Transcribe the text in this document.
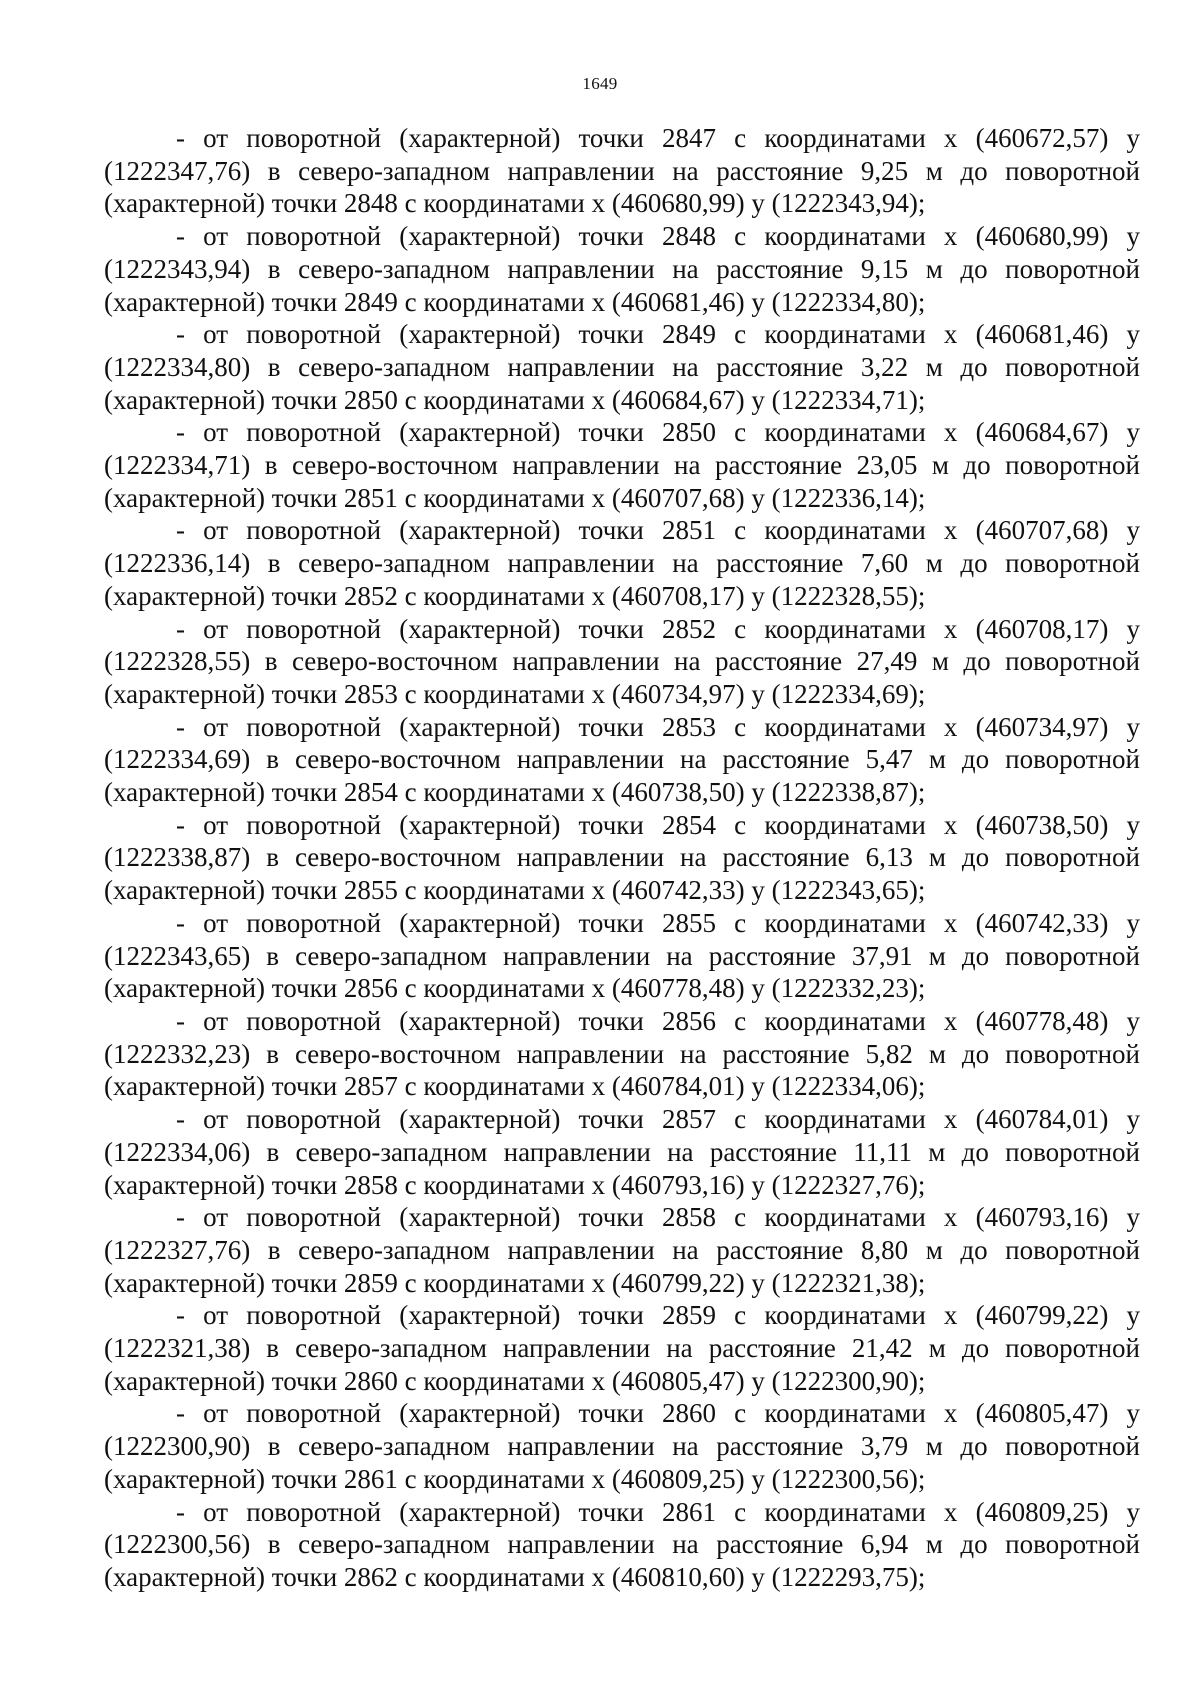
1649

- от поворотной (характерной) точки 2847 с координатами х (460672,57) у (1222347,76) в северо-западном направлении на расстояние 9,25 м до поворотной (характерной) точки 2848 с координатами х (460680,99) у (1222343,94);

- от поворотной (характерной) точки 2848 с координатами х (460680,99) у (1222343,94) в северо-западном направлении на расстояние 9,15 м до поворотной (характерной) точки 2849 с координатами х (460681,46) у (1222334,80);

- от поворотной (характерной) точки 2849 с координатами х (460681,46) у (1222334,80) в северо-западном направлении на расстояние 3,22 м до поворотной (характерной) точки 2850 с координатами х (460684,67) у (1222334,71);

- от поворотной (характерной) точки 2850 с координатами х (460684,67) у (1222334,71) в северо-восточном направлении на расстояние 23,05 м до поворотной (характерной) точки 2851 с координатами х (460707,68) у (1222336,14);

- от поворотной (характерной) точки 2851 с координатами х (460707,68) у (1222336,14) в северо-западном направлении на расстояние 7,60 м до поворотной (характерной) точки 2852 с координатами х (460708,17) у (1222328,55);

- от поворотной (характерной) точки 2852 с координатами х (460708,17) у (1222328,55) в северо-восточном направлении на расстояние 27,49 м до поворотной (характерной) точки 2853 с координатами х (460734,97) у (1222334,69);

- от поворотной (характерной) точки 2853 с координатами х (460734,97) у (1222334,69) в северо-восточном направлении на расстояние 5,47 м до поворотной (характерной) точки 2854 с координатами х (460738,50) у (1222338,87);

- от поворотной (характерной) точки 2854 с координатами х (460738,50) у (1222338,87) в северо-восточном направлении на расстояние 6,13 м до поворотной (характерной) точки 2855 с координатами х (460742,33) у (1222343,65);

- от поворотной (характерной) точки 2855 с координатами х (460742,33) у (1222343,65) в северо-западном направлении на расстояние 37,91 м до поворотной (характерной) точки 2856 с координатами х (460778,48) у (1222332,23);

- от поворотной (характерной) точки 2856 с координатами х (460778,48) у (1222332,23) в северо-восточном направлении на расстояние 5,82 м до поворотной (характерной) точки 2857 с координатами х (460784,01) у (1222334,06);

- от поворотной (характерной) точки 2857 с координатами х (460784,01) у (1222334,06) в северо-западном направлении на расстояние 11,11 м до поворотной (характерной) точки 2858 с координатами х (460793,16) у (1222327,76);

- от поворотной (характерной) точки 2858 с координатами х (460793,16) у (1222327,76) в северо-западном направлении на расстояние 8,80 м до поворотной (характерной) точки 2859 с координатами х (460799,22) у (1222321,38);

- от поворотной (характерной) точки 2859 с координатами х (460799,22) у (1222321,38) в северо-западном направлении на расстояние 21,42 м до поворотной (характерной) точки 2860 с координатами х (460805,47) у (1222300,90);

- от поворотной (характерной) точки 2860 с координатами х (460805,47) у (1222300,90) в северо-западном направлении на расстояние 3,79 м до поворотной (характерной) точки 2861 с координатами х (460809,25) у (1222300,56);

- от поворотной (характерной) точки 2861 с координатами х (460809,25) у (1222300,56) в северо-западном направлении на расстояние 6,94 м до поворотной (характерной) точки 2862 с координатами х (460810,60) у (1222293,75);
